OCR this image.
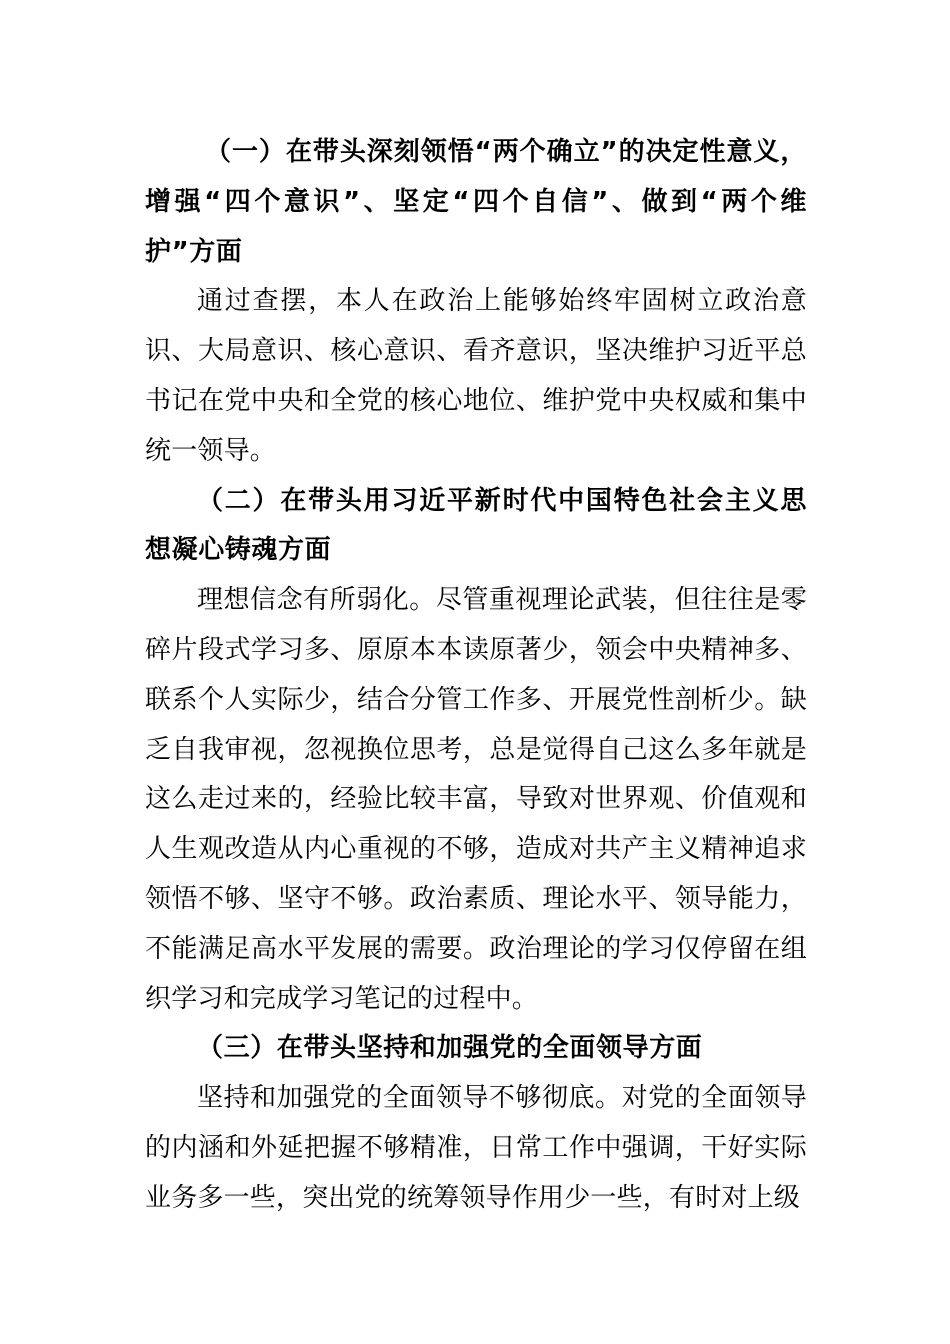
（一）在带头深刻领悟“两个确立”的决定性意义，增强“四个意识”、坚定“四个自信”、做到“两个维护”方面

通过查摆，本人在政治上能够始终牢固树立政治意识、大局意识、核心意识、看齐意识，坚决维护习近平总书记在党中央和全党的核心地位、维护党中央权威和集中统一领导。

（二）在带头用习近平新时代中国特色社会主义思想凝心铸魂方面

理想信念有所弱化。尽管重视理论武装，但往往是零碎片段式学习多、原原本本读原著少，领会中央精神多、联系个人实际少，结合分管工作多、开展党性剖析少。缺乏自我审视，忽视换位思考，总是觉得自己这么多年就是这么走过来的，经验比较丰富，导致对世界观、价值观和人生观改造从内心重视的不够，造成对共产主义精神追求领悟不够、坚守不够。政治素质、理论水平、领导能力，不能满足高水平发展的需要。政治理论的学习仅停留在组织学习和完成学习笔记的过程中。

（三）在带头坚持和加强党的全面领导方面

坚持和加强党的全面领导不够彻底。对党的全面领导的内涵和外延把握不够精准，日常工作中强调，干好实际业务多一些，突出党的统筹领导作用少一些，有时对上级
